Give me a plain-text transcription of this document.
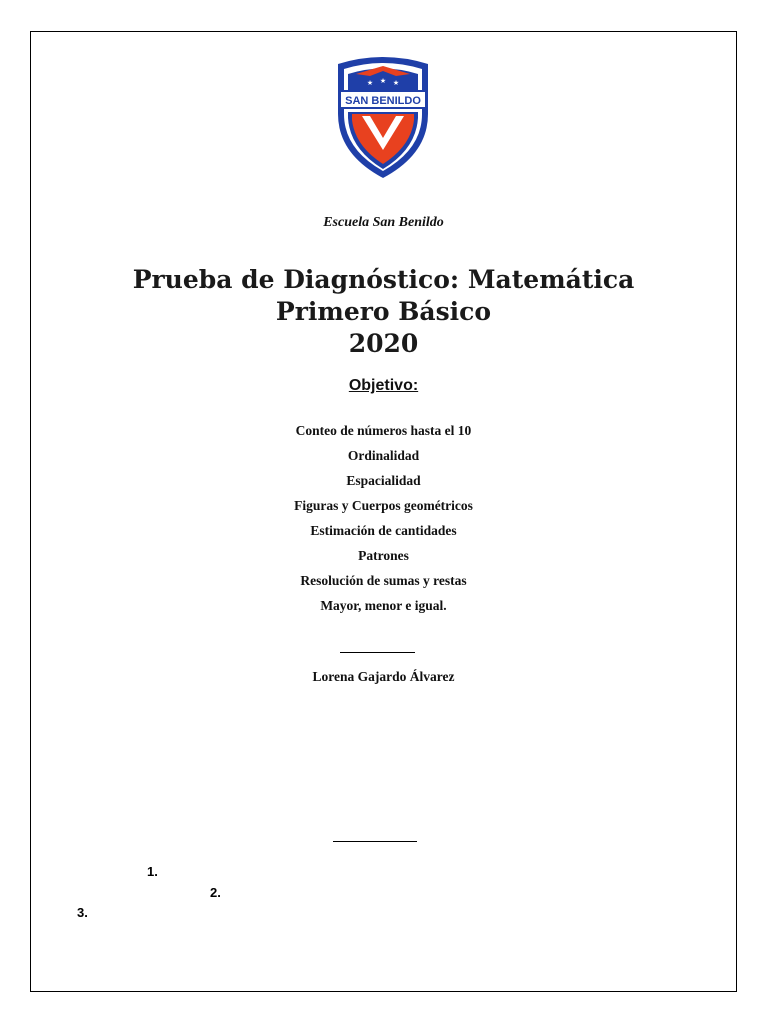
★ ★ ★
SAN BENILDO
Escuela San Benildo
Prueba de Diagnóstico: Matemática
Primero Básico
2020
Objetivo:
Conteo de números hasta el 10
Ordinalidad
Espacialidad
Figuras y Cuerpos geométricos
Estimación de cantidades
Patrones
Resolución de sumas y restas
Mayor, menor e igual.
Lorena Gajardo Álvarez
1.
2.
3.
